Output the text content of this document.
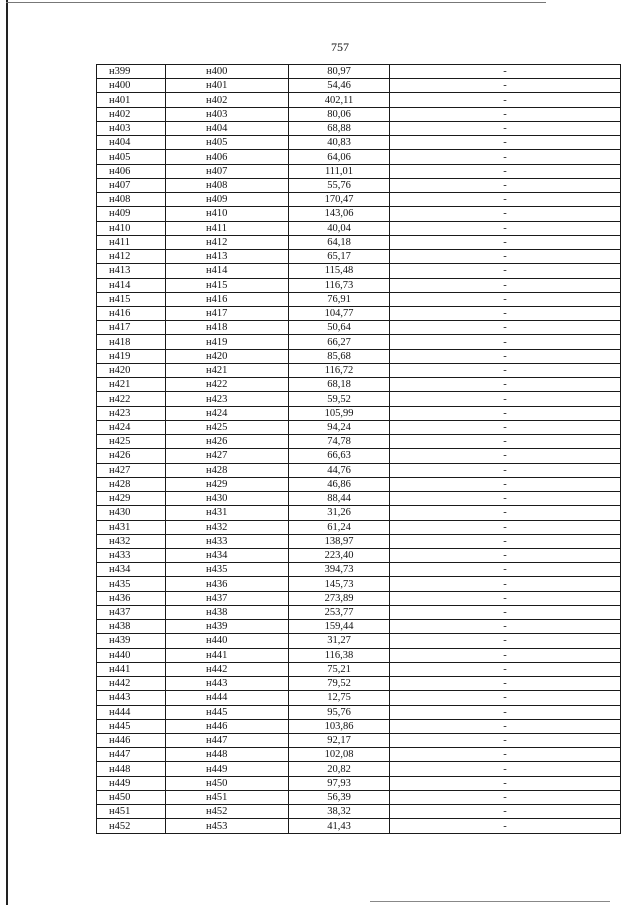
757
н399	н400	80,97	-
н400	н401	54,46	-
н401	н402	402,11	-
н402	н403	80,06	-
н403	н404	68,88	-
н404	н405	40,83	-
н405	н406	64,06	-
н406	н407	111,01	-
н407	н408	55,76	-
н408	н409	170,47	-
н409	н410	143,06	-
н410	н411	40,04	-
н411	н412	64,18	-
н412	н413	65,17	-
н413	н414	115,48	-
н414	н415	116,73	-
н415	н416	76,91	-
н416	н417	104,77	-
н417	н418	50,64	-
н418	н419	66,27	-
н419	н420	85,68	-
н420	н421	116,72	-
н421	н422	68,18	-
н422	н423	59,52	-
н423	н424	105,99	-
н424	н425	94,24	-
н425	н426	74,78	-
н426	н427	66,63	-
н427	н428	44,76	-
н428	н429	46,86	-
н429	н430	88,44	-
н430	н431	31,26	-
н431	н432	61,24	-
н432	н433	138,97	-
н433	н434	223,40	-
н434	н435	394,73	-
н435	н436	145,73	-
н436	н437	273,89	-
н437	н438	253,77	-
н438	н439	159,44	-
н439	н440	31,27	-
н440	н441	116,38	-
н441	н442	75,21	-
н442	н443	79,52	-
н443	н444	12,75	-
н444	н445	95,76	-
н445	н446	103,86	-
н446	н447	92,17	-
н447	н448	102,08	-
н448	н449	20,82	-
н449	н450	97,93	-
н450	н451	56,39	-
н451	н452	38,32	-
н452	н453	41,43	-
